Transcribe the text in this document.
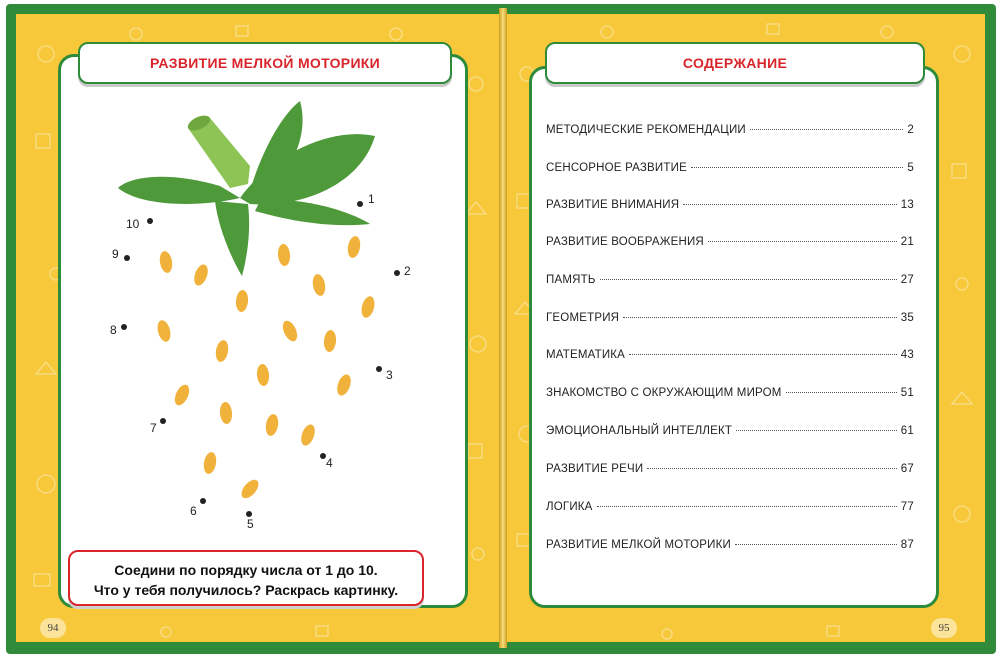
94
РАЗВИТИЕ МЕЛКОЙ МОТОРИКИ
1
2
3
4
5
6
7
8
9
10
Соедини по порядку числа от 1 до 10.
Что у тебя получилось? Раскрась картинку.
95
СОДЕРЖАНИЕ
МЕТОДИЧЕСКИЕ РЕКОМЕНДАЦИИ	2
СЕНСОРНОЕ РАЗВИТИЕ	5
РАЗВИТИЕ ВНИМАНИЯ	13
РАЗВИТИЕ ВООБРАЖЕНИЯ	21
ПАМЯТЬ	27
ГЕОМЕТРИЯ	35
МАТЕМАТИКА	43
ЗНАКОМСТВО С ОКРУЖАЮЩИМ МИРОМ	51
ЭМОЦИОНАЛЬНЫЙ ИНТЕЛЛЕКТ	61
РАЗВИТИЕ РЕЧИ	67
ЛОГИКА	77
РАЗВИТИЕ МЕЛКОЙ МОТОРИКИ	87
